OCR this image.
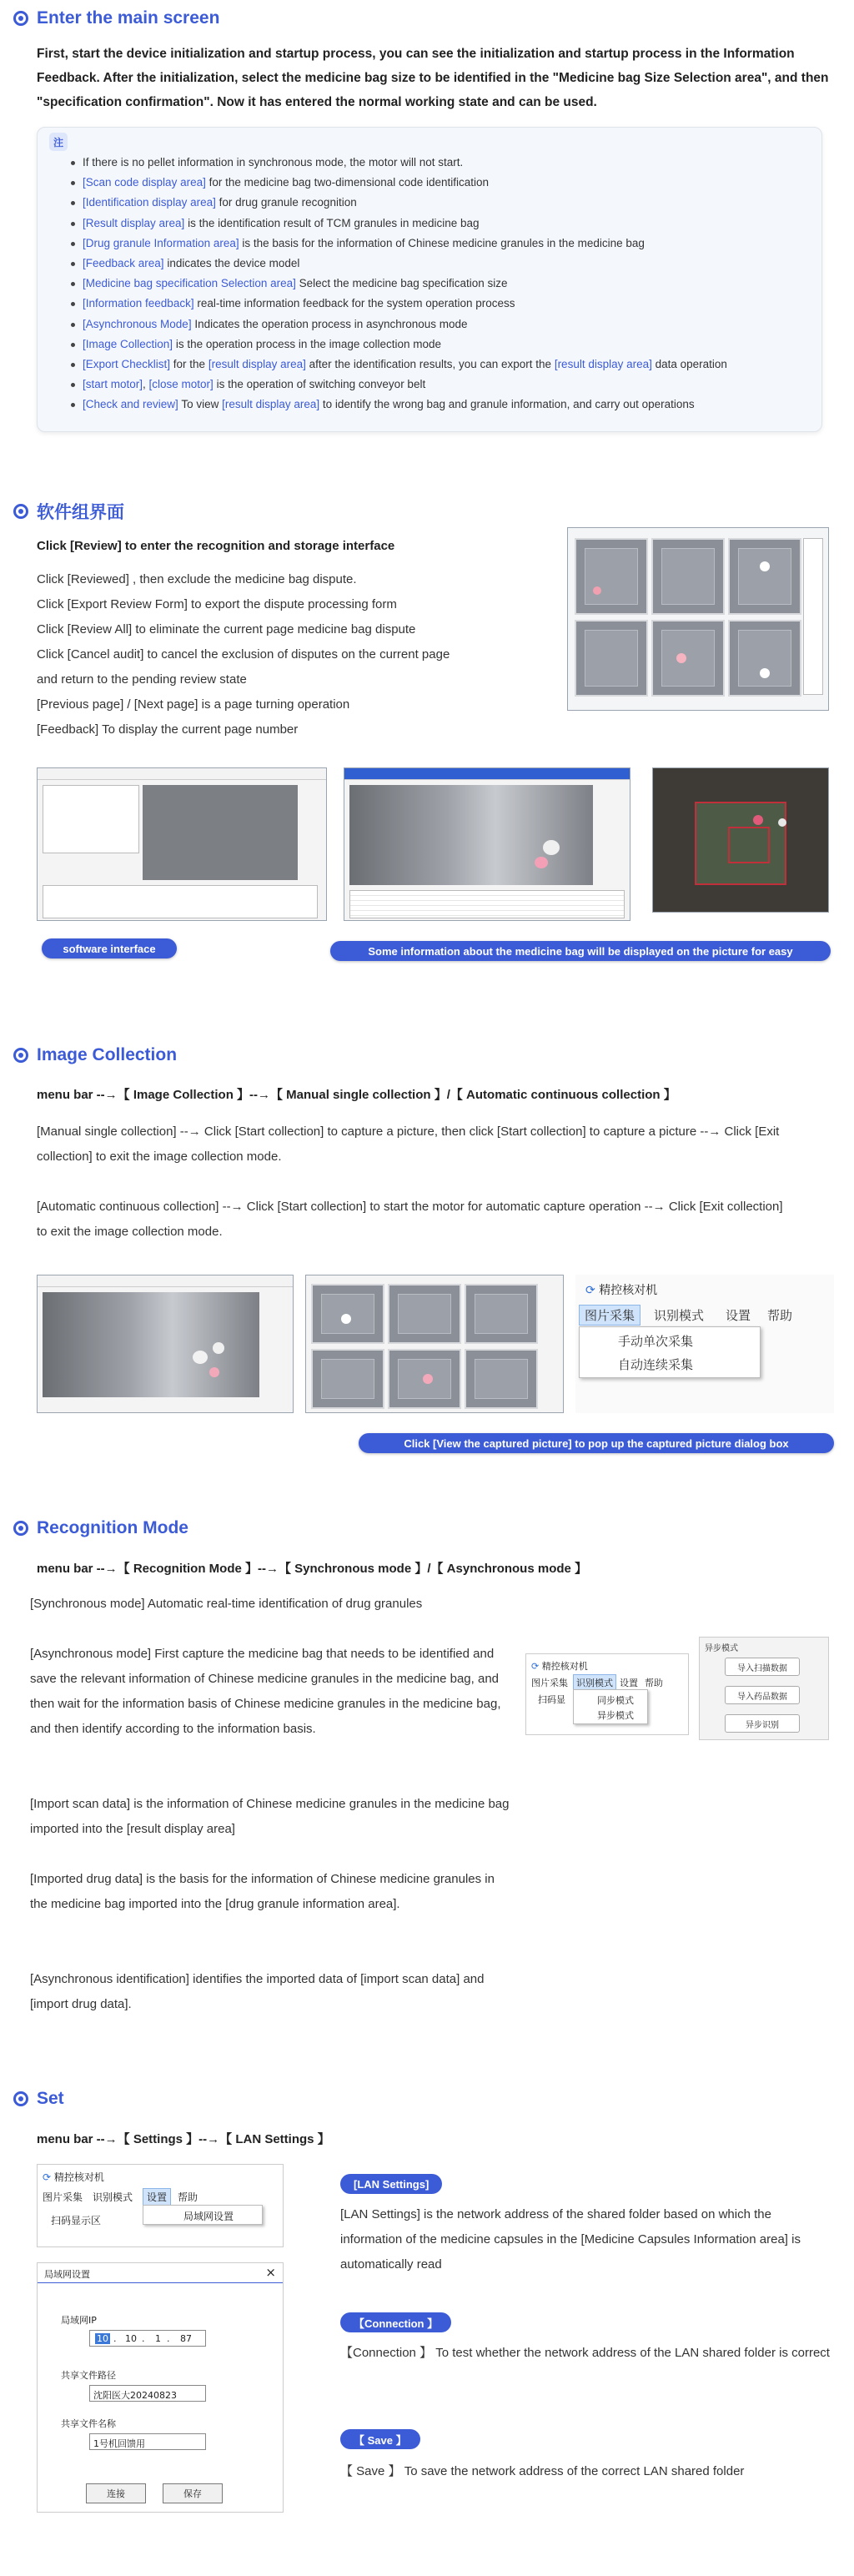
Enter the main screen
First, start the device initialization and startup process, you can see the initialization and startup process in the Information Feedback. After the initialization, select the medicine bag size to be identified in the "Medicine bag Size Selection area", and then "specification confirmation". Now it has entered the normal working state and can be used.
注
If there is no pellet information in synchronous mode, the motor will not start.
[Scan code display area] for the medicine bag two-dimensional code identification
[Identification display area] for drug granule recognition
[Result display area] is the identification result of TCM granules in medicine bag
[Drug granule Information area] is the basis for the information of Chinese medicine granules in the medicine bag
[Feedback area] indicates the device model
[Medicine bag specification Selection area] Select the medicine bag specification size
[Information feedback] real-time information feedback for the system operation process
[Asynchronous Mode] Indicates the operation process in asynchronous mode
[Image Collection] is the operation process in the image collection mode
[Export Checklist] for the [result display area] after the identification results, you can export the [result display area] data operation
[start motor], [close motor] is the operation of switching conveyor belt
[Check and review] To view [result display area] to identify the wrong bag and granule information, and carry out operations
软件组界面
Click [Review] to enter the recognition and storage interface
Click [Reviewed] , then exclude the medicine bag dispute.
Click [Export Review Form] to export the dispute processing form
Click [Review All] to eliminate the current page medicine bag dispute
Click [Cancel audit] to cancel the exclusion of disputes on the current page
and return to the pending review state
[Previous page] / [Next page] is a page turning operation
[Feedback] To display the current page number
software interface	Some information about the medicine bag will be displayed on the picture for easy
Image Collection
menu bar --→【 Image Collection 】--→【 Manual single collection 】/【 Automatic continuous collection 】
[Manual single collection] --→ Click [Start collection] to capture a picture, then click [Start collection] to capture a picture --→ Click [Exit collection] to exit the image collection mode.
[Automatic continuous collection] --→ Click [Start collection] to start the motor for automatic capture operation --→ Click [Exit collection] to exit the image collection mode.
⟳ 精控核对机
图片采集	识别模式 设置 帮助
手动单次采集
自动连续采集
Click [View the captured picture] to pop up the captured picture dialog box
Recognition Mode
menu bar --→【 Recognition Mode 】--→【 Synchronous mode 】/【 Asynchronous mode 】
[Synchronous mode] Automatic real-time identification of drug granules
[Asynchronous mode] First capture the medicine bag that needs to be identified and save the relevant information of Chinese medicine granules in the medicine bag, and then wait for the information basis of Chinese medicine granules in the medicine bag, and then identify according to the information basis.
[Import scan data] is the information of Chinese medicine granules in the medicine bag imported into the [result display area]
[Imported drug data] is the basis for the information of Chinese medicine granules in the medicine bag imported into the [drug granule information area].
[Asynchronous identification] identifies the imported data of [import scan data] and [import drug data].
⟳ 精控核对机
图片采集 识别模式 设置 帮助
扫码显	同步模式
异步模式
异步模式
导入扫描数据
导入药品数据
异步识别
Set
menu bar --→【 Settings 】--→【 LAN Settings 】
⟳ 精控核对机
图片采集 识别模式	设置	帮助
扫码显示区	局域网设置
局域网设置	×
局域网IP
10 . 10 . 1 . 87
共享文件路径
沈阳医大20240823
共享文件名称
1号机回馈用
连接	保存
[LAN Settings]
[LAN Settings] is the network address of the shared folder based on which the information of the medicine capsules in the [Medicine Capsules Information area] is automatically read
【Connection 】
【Connection 】 To test whether the network address of the LAN shared folder is correct
【 Save 】
【 Save 】 To save the network address of the correct LAN shared folder
